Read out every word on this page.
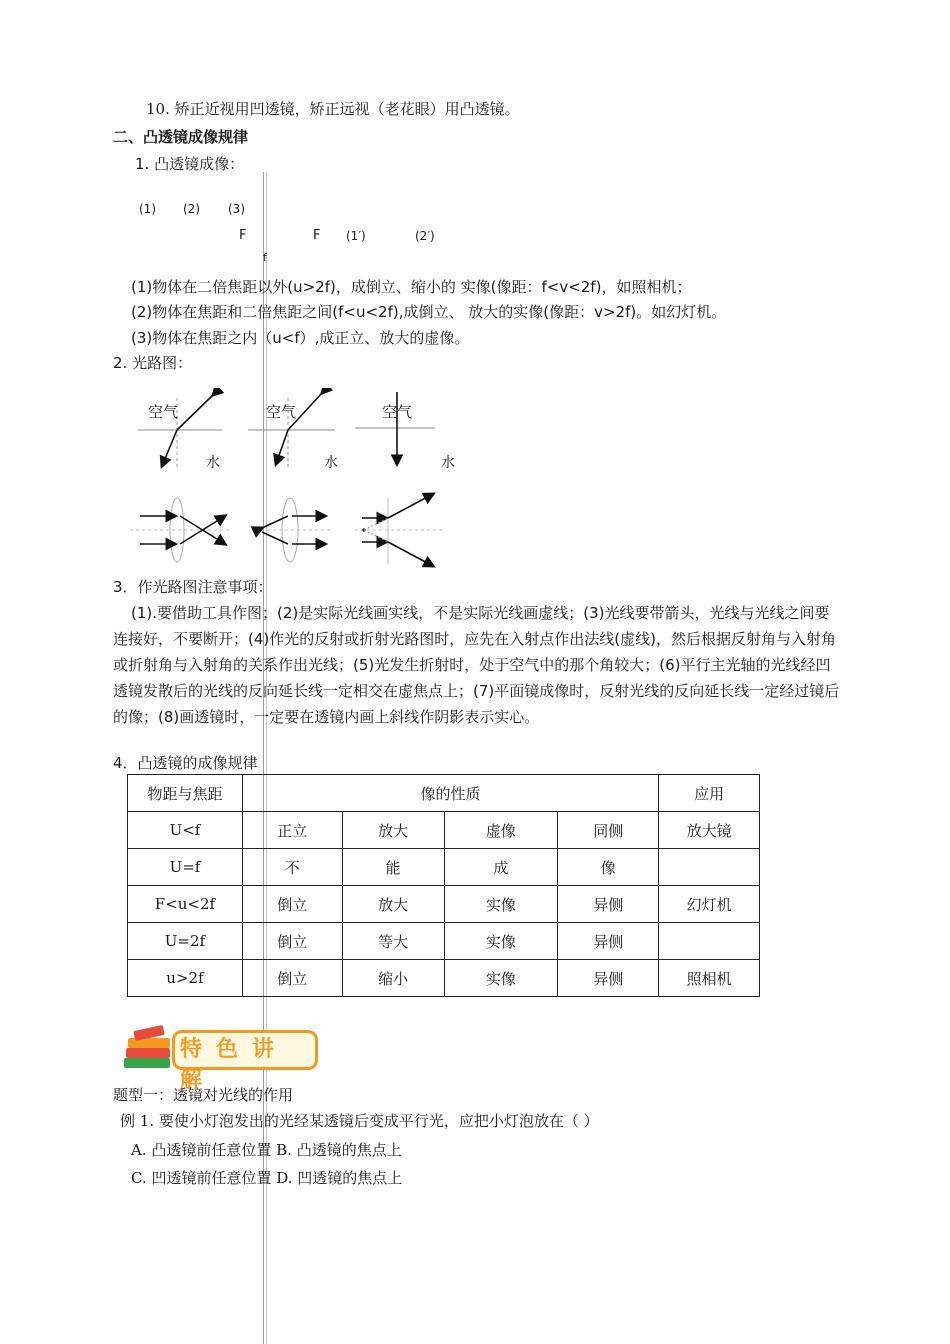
10. 矫正近视用凹透镜，矫正远视（老花眼）用凸透镜。
二、凸透镜成像规律
1. 凸透镜成像：
(1) (2) (3)
F	F (1′)	(2′)
f
(1)物体在二倍焦距以外(u>2f)，成倒立、缩小的 实像(像距：f<v<2f)，如照相机；
(2)物体在焦距和二倍焦距之间(f<u<2f),成倒立、 放大的实像(像距：v>2f)。如幻灯机。
(3)物体在焦距之内（u<f）,成正立、放大的虚像。
2. 光路图：
空气	空气	空气
水	水	水
3．作光路图注意事项：
(1).要借助工具作图；(2)是实际光线画实线，不是实际光线画虚线；(3)光线要带箭头，光线与光线之间要连接好，不要断开；(4)作光的反射或折射光路图时，应先在入射点作出法线(虚线)，然后根据反射角与入射角或折射角与入射角的关系作出光线；(5)光发生折射时，处于空气中的那个角较大；(6)平行主光轴的光线经凹透镜发散后的光线的反向延长线一定相交在虚焦点上；(7)平面镜成像时，反射光线的反向延长线一定经过镜后的像；(8)画透镜时，一定要在透镜内画上斜线作阴影表示实心。
4．凸透镜的成像规律
物距与焦距	像的性质				应用
U<f	正立	放大	虚像	同侧	放大镜
U=f	不	能	成	像	
F<u<2f	倒立	放大	实像	异侧	幻灯机
U=2f	倒立	等大	实像	异侧	
u>2f	倒立	缩小	实像	异侧	照相机
特色讲解
题型一：透镜对光线的作用
例 1. 要使小灯泡发出的光经某透镜后变成平行光，应把小灯泡放在（ ）
A. 凸透镜前任意位置 B. 凸透镜的焦点上
C. 凹透镜前任意位置 D. 凹透镜的焦点上
